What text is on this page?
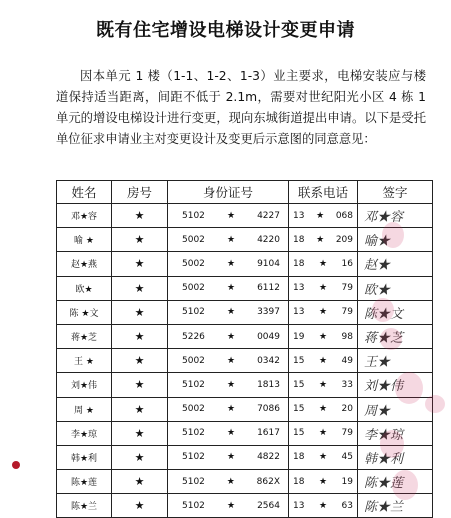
既有住宅增设电梯设计变更申请
因本单元 1 楼（1-1、1-2、1-3）业主要求，电梯安装应与楼道保持适当距离，间距不低于 2.1m，需要对世纪阳光小区 4 栋 1 单元的增设电梯设计进行变更，现向东城街道提出申请。以下是受托单位征求申请业主对变更设计及变更后示意图的同意意见：
姓名	房号	身份证号	联系电话	签字
邓★容	★	5102 ★ 4227	13 ★ 068	邓★容
喻 ★	★	5002 ★ 4220	18 ★ 209	喻★
赵★燕	★	5002 ★ 9104	18 ★ 16	赵★
欧★	★	5002 ★ 6112	13 ★ 79	欧★
陈 ★文	★	5102 ★ 3397	13 ★ 79	陈★文
蒋★芝	★	5226 ★ 0049	19 ★ 98	蒋★芝
王 ★	★	5002 ★ 0342	15 ★ 49	王★
刘★伟	★	5102 ★ 1813	15 ★ 33	刘★伟
周 ★	★	5002 ★ 7086	15 ★ 20	周★
李★琼	★	5102 ★ 1617	15 ★ 79	李★琼
韩★利	★	5102 ★ 4822	18 ★ 45	韩★利
陈★莲	★	5102 ★ 862X	18 ★ 19	陈★莲
陈★兰	★	5102 ★ 2564	13 ★ 63	陈★兰
